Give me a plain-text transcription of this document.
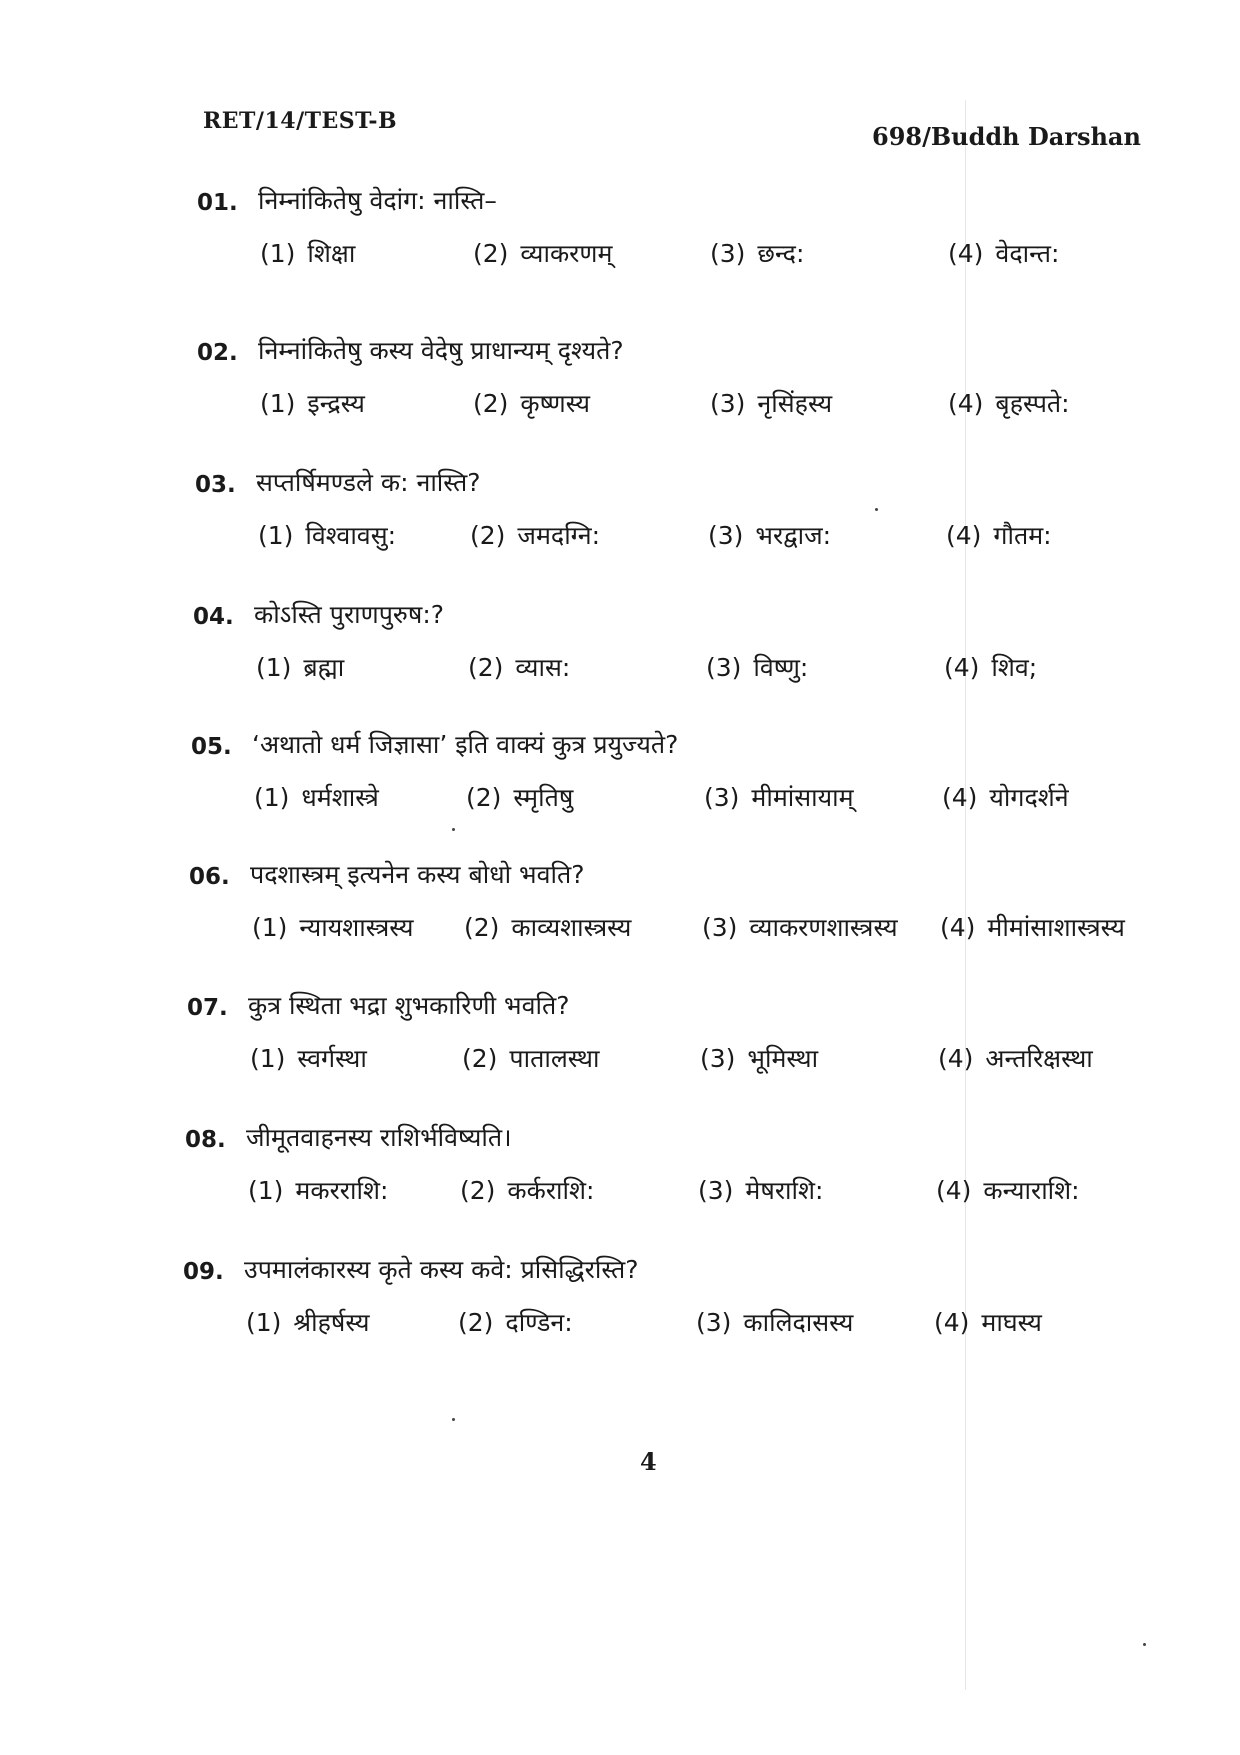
RET/14/TEST-B
698/Buddh Darshan
01. निम्नांकितेषु वेदांग: नास्ति–
(1) शिक्षा	(2) व्याकरणम्	(3) छन्द:	(4) वेदान्त:
02. निम्नांकितेषु कस्य वेदेषु प्राधान्यम् दृश्यते?
(1) इन्द्रस्य	(2) कृष्णस्य	(3) नृसिंहस्य	(4) बृहस्पते:
03. सप्तर्षिमण्डले क: नास्ति?
(1) विश्वावसु:	(2) जमदग्नि:	(3) भरद्वाज:	(4) गौतम:
04. कोऽस्ति पुराणपुरुष:?
(1) ब्रह्मा	(2) व्यास:	(3) विष्णु:	(4) शिव;
05. ‘अथातो धर्म जिज्ञासा’ इति वाक्यं कुत्र प्रयुज्यते?
(1) धर्मशास्त्रे	(2) स्मृतिषु	(3) मीमांसायाम्	(4) योगदर्शने
06. पदशास्त्रम् इत्यनेन कस्य बोधो भवति?
(1) न्यायशास्त्रस्य (2) काव्यशास्त्रस्य	(3) व्याकरणशास्त्रस्य (4) मीमांसाशास्त्रस्य
07. कुत्र स्थिता भद्रा शुभकारिणी भवति?
(1) स्वर्गस्था	(2) पातालस्था	(3) भूमिस्था	(4) अन्तरिक्षस्था
08. जीमूतवाहनस्य राशिर्भविष्यति।
(1) मकरराशि:	(2) कर्कराशि:	(3) मेषराशि:	(4) कन्याराशि:
09. उपमालंकारस्य कृते कस्य कवे: प्रसिद्धिरस्ति?
(1) श्रीहर्षस्य	(2) दण्डिन:	(3) कालिदासस्य	(4) माघस्य
4
